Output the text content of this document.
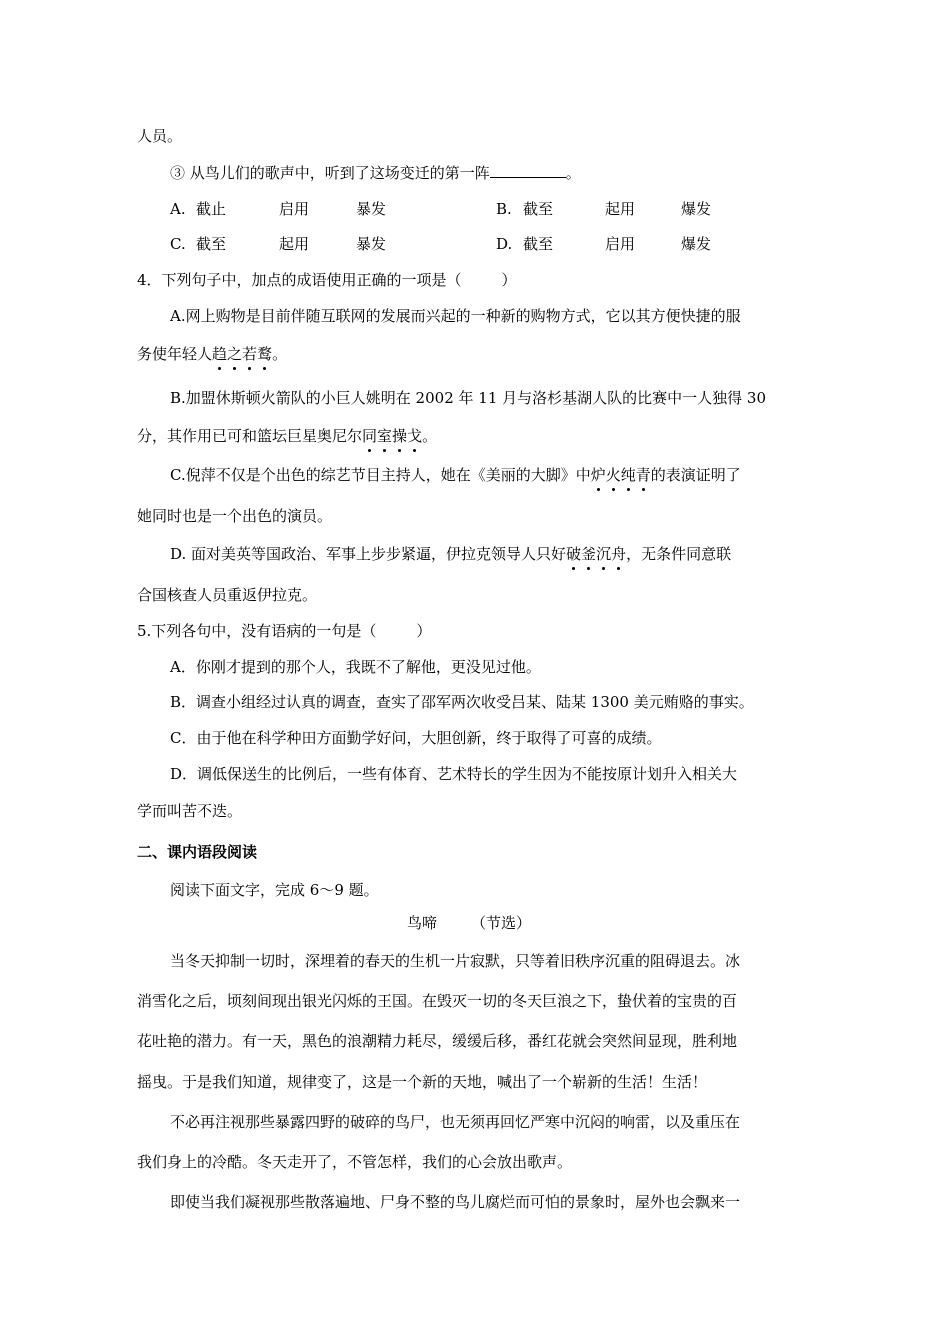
人员。
③ 从鸟儿们的歌声中，听到了这场变迁的第一阵	。
A. 截止	启用	暴发	B. 截至	起用	爆发
C. 截至	起用	暴发	D. 截至	启用	爆发
4．下列句子中，加点的成语使用正确的一项是（	）
A.网上购物是目前伴随互联网的发展而兴起的一种新的购物方式，它以其方便快捷的服
务使年轻人趋之若鹜。
B.加盟休斯顿火箭队的小巨人姚明在 2002 年 11 月与洛杉基湖人队的比赛中一人独得 30
分，其作用已可和篮坛巨星奥尼尔同室操戈。
C.倪萍不仅是个出色的综艺节目主持人，她在《美丽的大脚》中炉火纯青的表演证明了
她同时也是一个出色的演员。
D. 面对美英等国政治、军事上步步紧逼，伊拉克领导人只好破釜沉舟，无条件同意联
合国核查人员重返伊拉克。
5.下列各句中，没有语病的一句是（	）
A．你刚才提到的那个人，我既不了解他，更没见过他。
B．调查小组经过认真的调查，查实了邵军两次收受吕某、陆某 1300 美元贿赂的事实。
C．由于他在科学种田方面勤学好问，大胆创新，终于取得了可喜的成绩。
D．调低保送生的比例后，一些有体育、艺术特长的学生因为不能按原计划升入相关大
学而叫苦不迭。
二、课内语段阅读
阅读下面文字，完成 6～9 题。
鸟啼 （节选）
当冬天抑制一切时，深埋着的春天的生机一片寂默，只等着旧秩序沉重的阻碍退去。冰
消雪化之后，顷刻间现出银光闪烁的王国。在毁灭一切的冬天巨浪之下，蛰伏着的宝贵的百
花吐艳的潜力。有一天，黑色的浪潮精力耗尽，缓缓后移，番红花就会突然间显现，胜利地
摇曳。于是我们知道，规律变了，这是一个新的天地，喊出了一个崭新的生活！生活！
不必再注视那些暴露四野的破碎的鸟尸，也无须再回忆严寒中沉闷的响雷，以及重压在
我们身上的冷酷。冬天走开了，不管怎样，我们的心会放出歌声。
即使当我们凝视那些散落遍地、尸身不整的鸟儿腐烂而可怕的景象时，屋外也会飘来一
